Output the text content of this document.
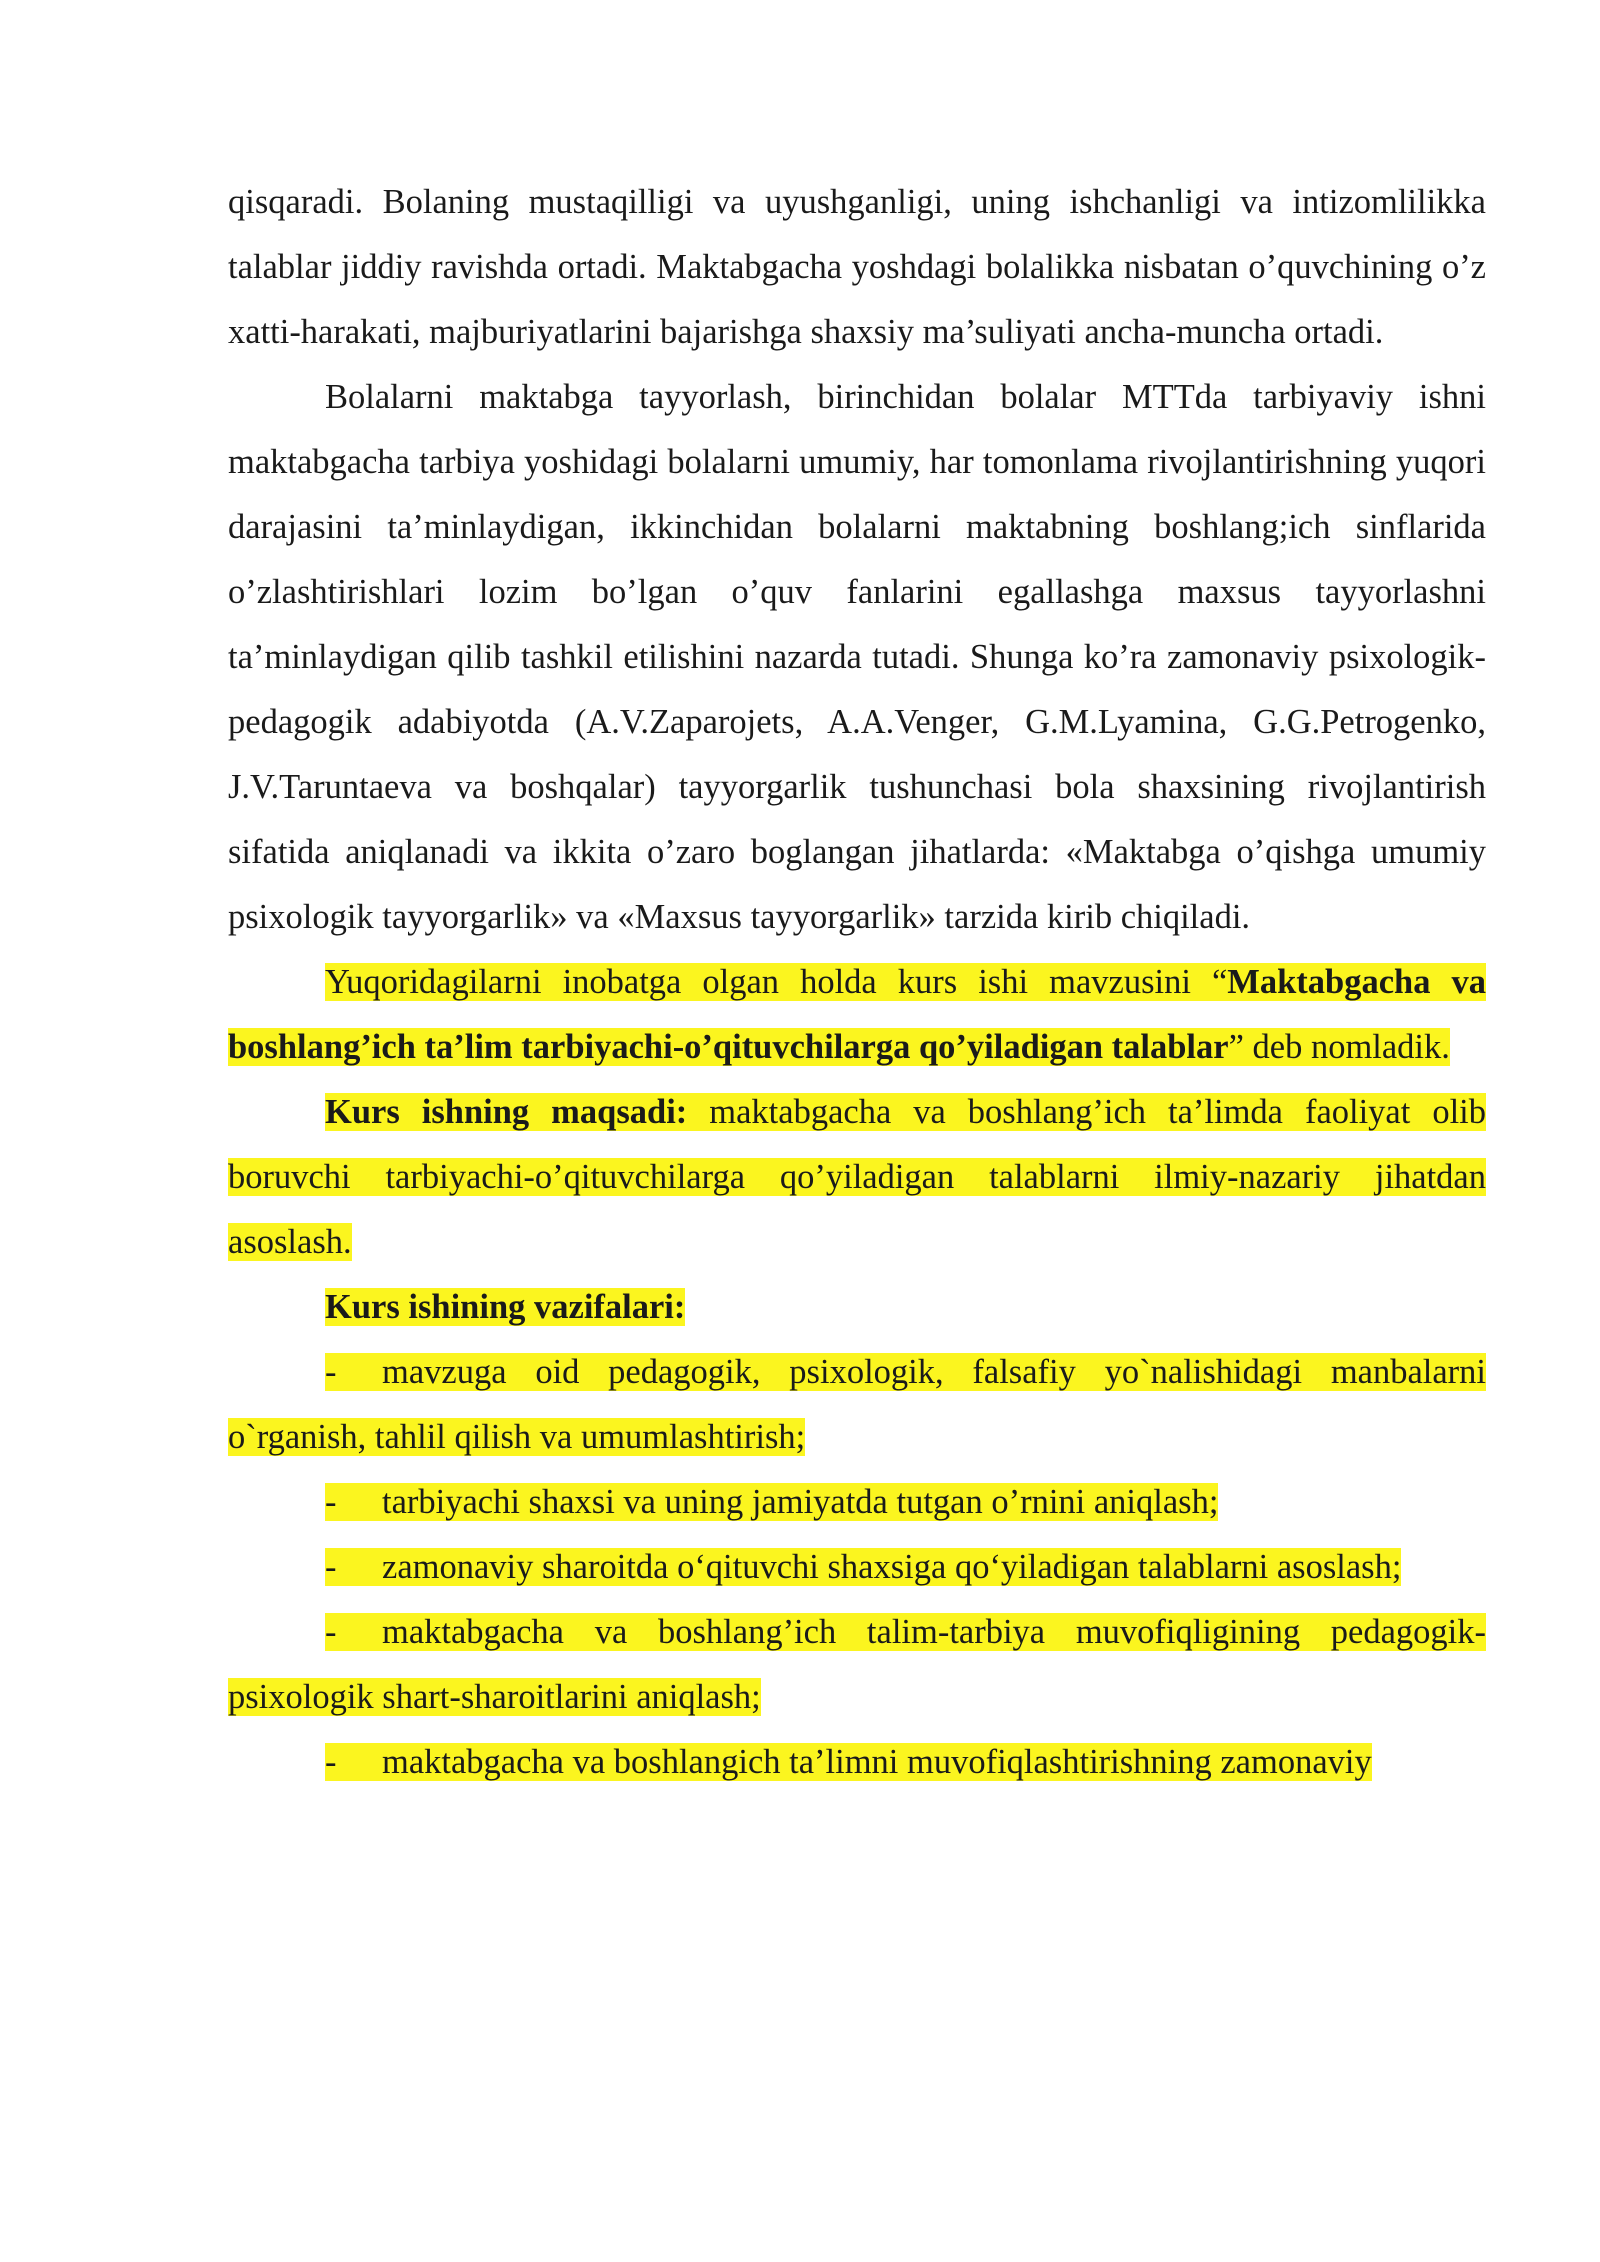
qisqaradi. Bolaning mustaqilligi va uyushganligi, uning ishchanligi va intizomlilikka talablar jiddiy ravishda ortadi. Maktabgacha yoshdagi bolalikka nisbatan o’quvchining o’z xatti-harakati, majburiyatlarini bajarishga shaxsiy ma’suliyati ancha-muncha ortadi.

Bolalarni maktabga tayyorlash, birinchidan bolalar MTTda tarbiyaviy ishni maktabgacha tarbiya yoshidagi bolalarni umumiy, har tomonlama rivojlantirishning yuqori darajasini ta’minlaydigan, ikkinchidan bolalarni maktabning boshlang;ich sinflarida o’zlashtirishlari lozim bo’lgan o’quv fanlarini egallashga maxsus tayyorlashni ta’minlaydigan qilib tashkil etilishini nazarda tutadi. Shunga ko’ra zamonaviy psixologik-pedagogik adabiyotda (A.V.Zaparojets, A.A.Venger, G.M.Lyamina, G.G.Petrogenko, J.V.Taruntaeva va boshqalar) tayyorgarlik tushunchasi bola shaxsining rivojlantirish sifatida aniqlanadi va ikkita o’zaro boglangan jihatlarda: «Maktabga o’qishga umumiy psixologik tayyorgarlik» va «Maxsus tayyorgarlik» tarzida kirib chiqiladi.

Yuqoridagilarni inobatga olgan holda kurs ishi mavzusini “Maktabgacha va boshlang’ich ta’lim tarbiyachi-o’qituvchilarga qo’yiladigan talablar” deb nomladik.

Kurs ishning maqsadi: maktabgacha va boshlang’ich ta’limda faoliyat olib boruvchi tarbiyachi-o’qituvchilarga qo’yiladigan talablarni ilmiy-nazariy jihatdan asoslash.

Kurs ishining vazifalari:

- mavzuga oid pedagogik, psixologik, falsafiy yo`nalishidagi manbalarni o`rganish, tahlil qilish va umumlashtirish;

- tarbiyachi shaxsi va uning jamiyatda tutgan o’rnini aniqlash;

- zamonaviy sharoitda o‘qituvchi shaxsiga qo‘yiladigan talablarni asoslash;

- maktabgacha va boshlang’ich talim-tarbiya muvofiqligining pedagogik-psixologik shart-sharoitlarini aniqlash;

- maktabgacha va boshlangich ta’limni muvofiqlashtirishning zamonaviy
